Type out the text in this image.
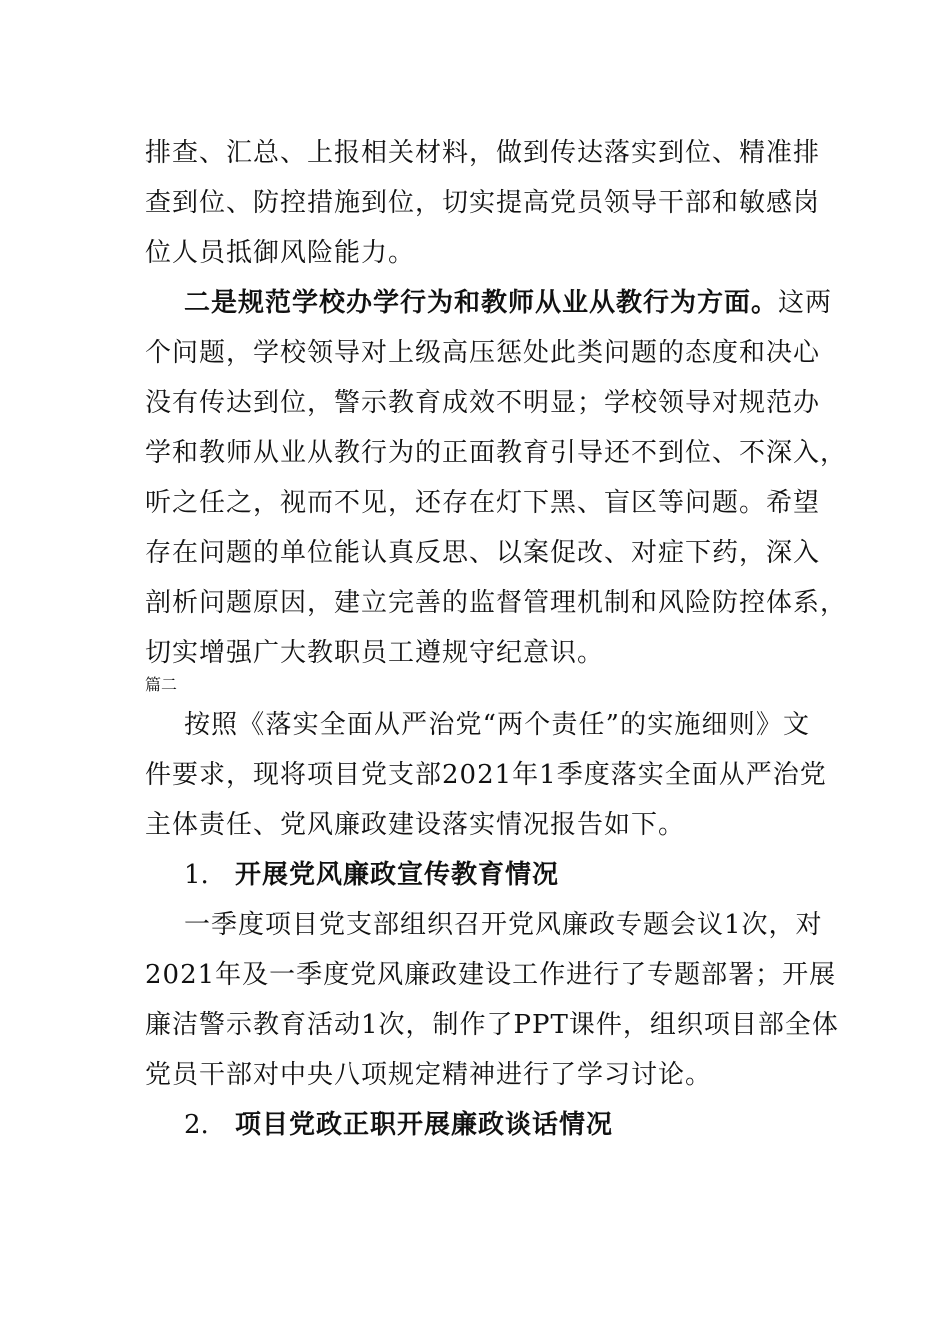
排查、汇总、上报相关材料，做到传达落实到位、精准排
查到位、防控措施到位，切实提高党员领导干部和敏感岗
位人员抵御风险能力。
二是规范学校办学行为和教师从业从教行为方面。这两
个问题，学校领导对上级高压惩处此类问题的态度和决心
没有传达到位，警示教育成效不明显；学校领导对规范办
学和教师从业从教行为的正面教育引导还不到位、不深入，
听之任之，视而不见，还存在灯下黑、盲区等问题。希望
存在问题的单位能认真反思、以案促改、对症下药，深入
剖析问题原因，建立完善的监督管理机制和风险防控体系，
切实增强广大教职员工遵规守纪意识。
篇二
按照《落实全面从严治党“两个责任”的实施细则》文
件要求，现将项目党支部2021年1季度落实全面从严治党
主体责任、党风廉政建设落实情况报告如下。
1. 开展党风廉政宣传教育情况
一季度项目党支部组织召开党风廉政专题会议1次，对
2021年及一季度党风廉政建设工作进行了专题部署；开展
廉洁警示教育活动1次，制作了PPT课件，组织项目部全体
党员干部对中央八项规定精神进行了学习讨论。
2. 项目党政正职开展廉政谈话情况
